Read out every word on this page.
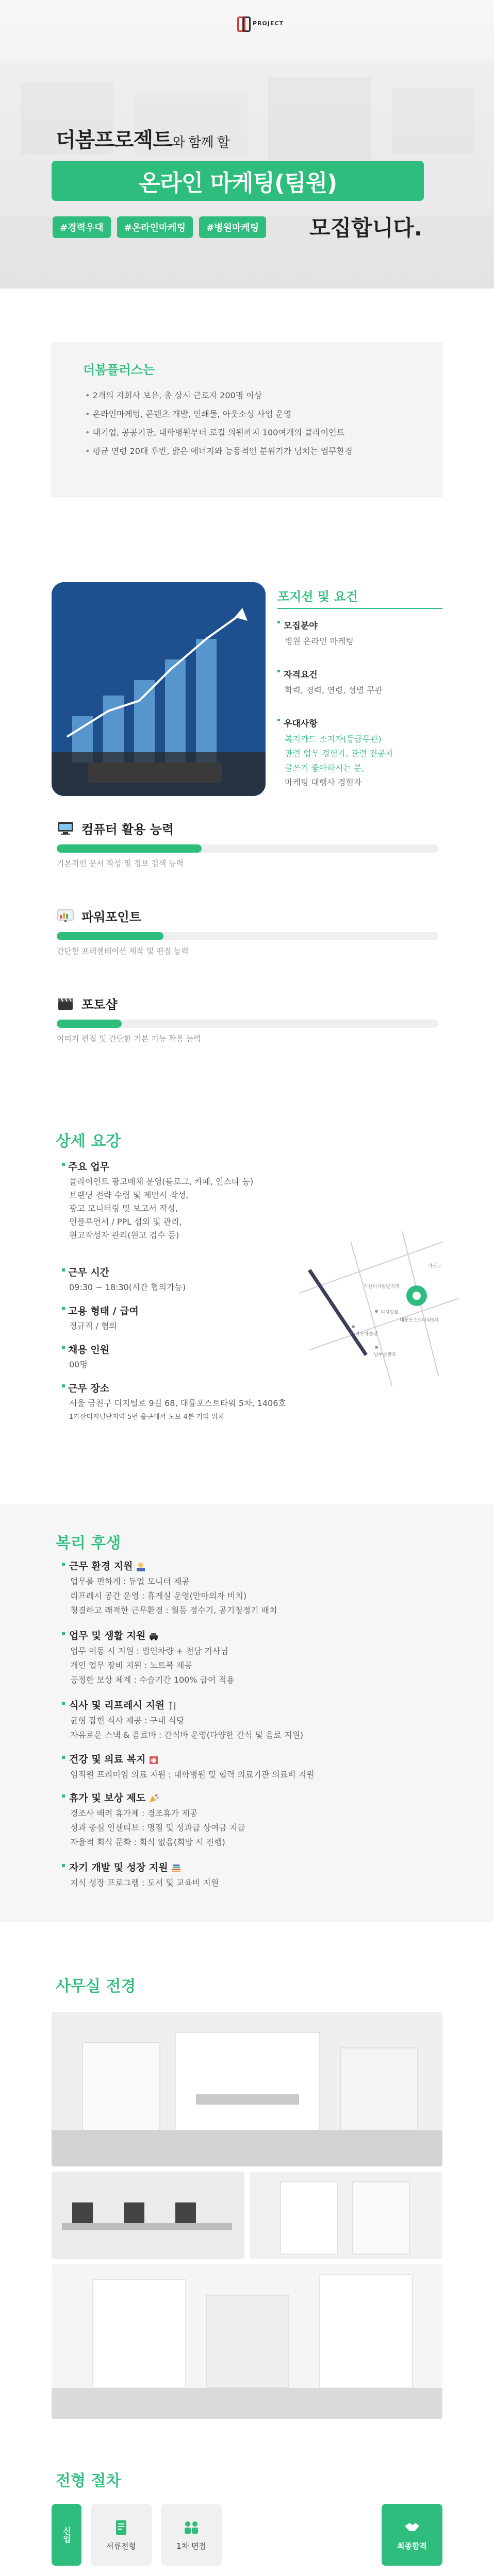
PROJECT
더봄프로젝트와 함께 할
온라인 마케팅(팀원)
#경력우대	#온라인마케팅	#병원마케팅	모집합니다.
더봄플러스는
• 2개의 자회사 보유, 총 상시 근로자 200명 이상
• 온라인마케팅, 콘텐츠 개발, 인쇄물, 아웃소싱 사업 운영
• 대기업, 공공기관, 대학병원부터 로컬 의원까지 100여개의 클라이언트
• 평균 연령 20대 후반, 밝은 에너지와 능동적인 분위기가 넘치는 업무환경
포지션 및 요건
모집분야
병원 온라인 마케팅
자격요건
학력, 경력, 연령, 성별 무관
우대사항
복지카드 소지자(등급무관)
관련 업무 경험자, 관련 전공자
글쓰기 좋아하시는 분,
마케팅 대행사 경험자
컴퓨터 활용 능력
기본적인 문서 작성 및 정보 검색 능력
파워포인트
간단한 프레젠테이션 제작 및 편집 능력
포토샵
이미지 편집 및 간단한 기본 기능 활용 능력
상세 요강
주요 업무
클라이언트 광고매체 운영(블로그, 카페, 인스타 등)
브랜딩 전략 수립 및 제안서 작성,
광고 모니터링 및 보고서 작성,
인플루언서 / PPL 섭외 및 관리,
원고작성자 관리(원고 검수 등)
근무 시간
09:30 ~ 18:30(시간 협의가능)
고용 형태 / 급여
정규직 / 협의
채용 인원
00명
근무 장소
서울 금천구 디지털로 9길 68, 대륭포스트타워 5차, 1406호
1가산디지털단지역 5번 출구에서 도보 4분 거리 위치
가산디지털단지역
대륭포스트타워5차
가산로
디지털로
마리오아울렛
남부순환로
복리 후생
근무 환경 지원
업무를 편하게 : 듀얼 모니터 제공
리프레시 공간 운영 : 휴게실 운영(안마의자 비치)
청결하고 쾌적한 근무환경 : 월등 정수기, 공기청정기 배치
업무 및 생활 지원
업무 이동 시 지원 : 법인차량 + 전담 기사님
개인 업무 장비 지원 : 노트북 제공
공정한 보상 체계 : 수습기간 100% 급여 적용
식사 및 리프레시 지원
균형 잡힌 식사 제공 : 구내 식당
자유로운 스낵 & 음료바 : 간식바 운영(다양한 간식 및 음료 지원)
건강 및 의료 복지
임직원 프리미엄 의료 지원 : 대학병원 및 협력 의료기관 의료비 지원
휴가 및 보상 제도
경조사 배려 휴가제 : 경조휴가 제공
성과 중심 인센티브 : 명절 및 성과급 상여금 지급
자율적 회식 문화 : 회식 없음(희망 시 진행)
자기 개발 및 성장 지원
지식 성장 프로그램 : 도서 및 교육비 지원
사무실 전경
전형 절차
신입
서류전형	1차 면접	최종합격
